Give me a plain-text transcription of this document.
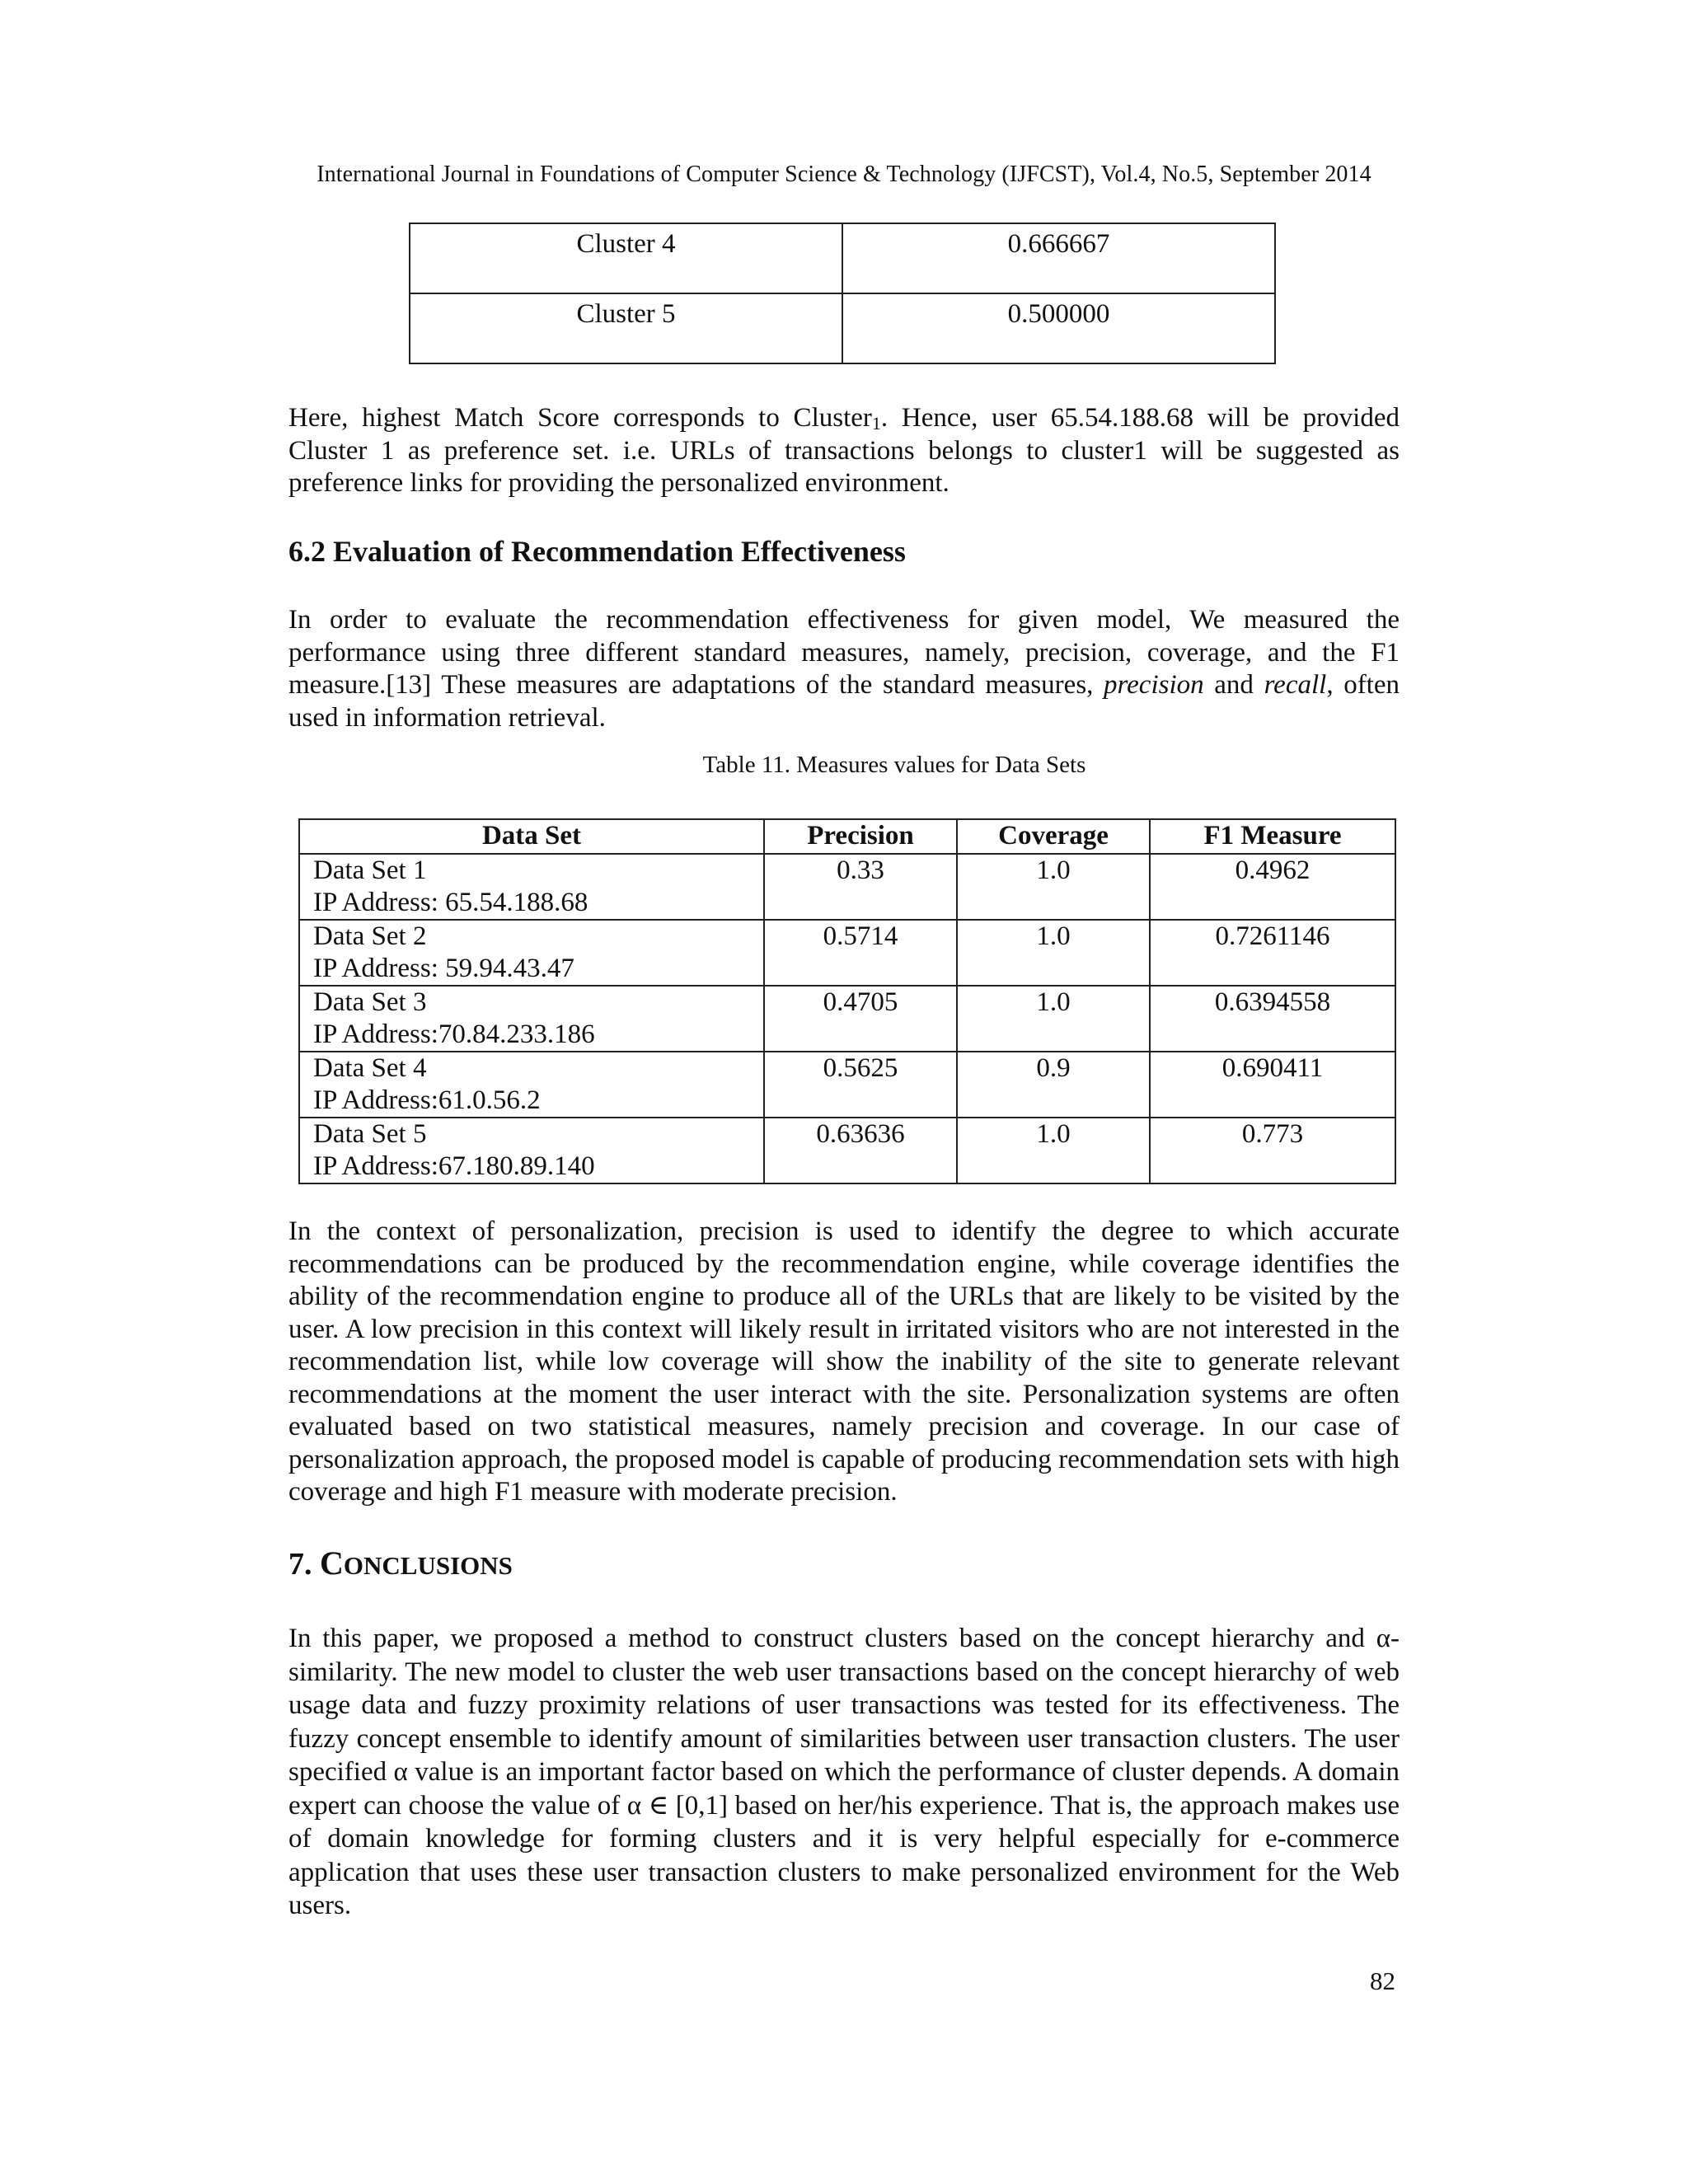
International Journal in Foundations of Computer Science & Technology (IJFCST), Vol.4, No.5, September 2014
Cluster 4	0.666667
Cluster 5	0.500000

Here, highest Match Score corresponds to Cluster$_1$. Hence, user 65.54.188.68 will be provided Cluster 1 as preference set. i.e. URLs of transactions belongs to cluster1 will be suggested as preference links for providing the personalized environment.

6.2 Evaluation of Recommendation Effectiveness

In order to evaluate the recommendation effectiveness for given model, We measured the performance using three different standard measures, namely, precision, coverage, and the F1 measure.[13] These measures are adaptations of the standard measures, precision and recall, often used in information retrieval.

Table 11. Measures values for Data Sets
Data Set	Precision	Coverage	F1 Measure

Data Set 1
IP Address: 65.54.188.68	0.33	1.0	0.4962

Data Set 2
IP Address: 59.94.43.47	0.5714	1.0	0.7261146

Data Set 3
IP Address:70.84.233.186	0.4705	1.0	0.6394558

Data Set 4
IP Address:61.0.56.2	0.5625	0.9	0.690411

Data Set 5
IP Address:67.180.89.140	0.63636	1.0	0.773

In the context of personalization, precision is used to identify the degree to which accurate recommendations can be produced by the recommendation engine, while coverage identifies the ability of the recommendation engine to produce all of the URLs that are likely to be visited by the user. A low precision in this context will likely result in irritated visitors who are not interested in the recommendation list, while low coverage will show the inability of the site to generate relevant recommendations at the moment the user interact with the site. Personalization systems are often evaluated based on two statistical measures, namely precision and coverage. In our case of personalization approach, the proposed model is capable of producing recommendation sets with high coverage and high F1 measure with moderate precision.

7. CONCLUSIONS

In this paper, we proposed a method to construct clusters based on the concept hierarchy and α-similarity. The new model to cluster the web user transactions based on the concept hierarchy of web usage data and fuzzy proximity relations of user transactions was tested for its effectiveness. The fuzzy concept ensemble to identify amount of similarities between user transaction clusters. The user specified α value is an important factor based on which the performance of cluster depends. A domain expert can choose the value of α ∈ [0,1] based on her/his experience. That is, the approach makes use of domain knowledge for forming clusters and it is very helpful especially for e-commerce application that uses these user transaction clusters to make personalized environment for the Web users.

82
